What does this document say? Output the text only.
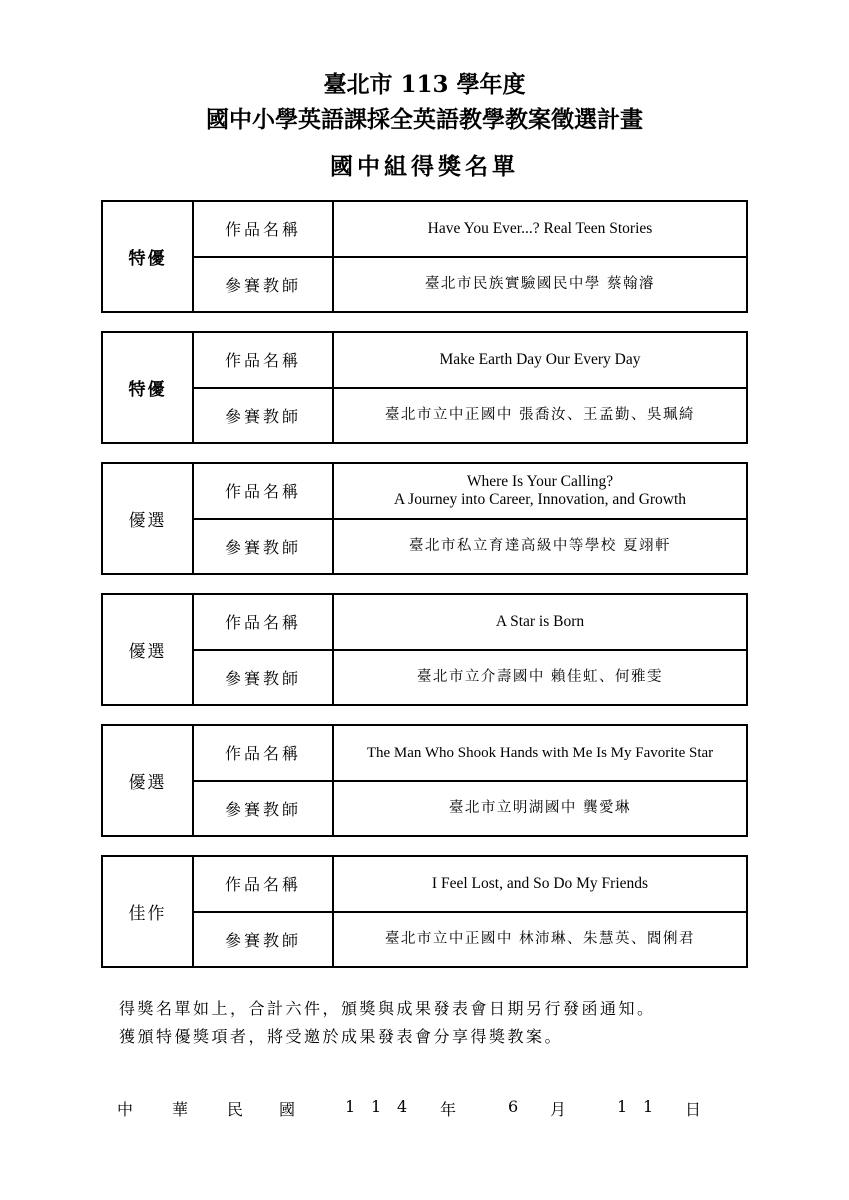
臺北市 113 學年度
國中小學英語課採全英語教學教案徵選計畫
國中組得獎名單
特優
作品名稱	Have You Ever...? Real Teen Stories
參賽教師	臺北市民族實驗國民中學 蔡翰濬
特優
作品名稱	Make Earth Day Our Every Day
參賽教師	臺北市立中正國中 張喬汝、王孟勤、吳珮綺
優選
作品名稱
Where Is Your Calling?
A Journey into Career, Innovation, and Growth
參賽教師	臺北市私立育達高級中等學校 夏翊軒
優選
作品名稱	A Star is Born
參賽教師	臺北市立介壽國中 賴佳虹、何雅雯
優選
作品名稱	The Man Who Shook Hands with Me Is My Favorite Star
參賽教師	臺北市立明湖國中 龔愛琳
佳作
作品名稱	I Feel Lost, and So Do My Friends
參賽教師	臺北市立中正國中 林沛琳、朱慧英、閻俐君

得獎名單如上，合計六件，頒獎與成果發表會日期另行發函通知。

獲頒特優獎項者，將受邀於成果發表會分享得獎教案。

中 華 民 國	1 1 4 年	6 月	1 1 日
